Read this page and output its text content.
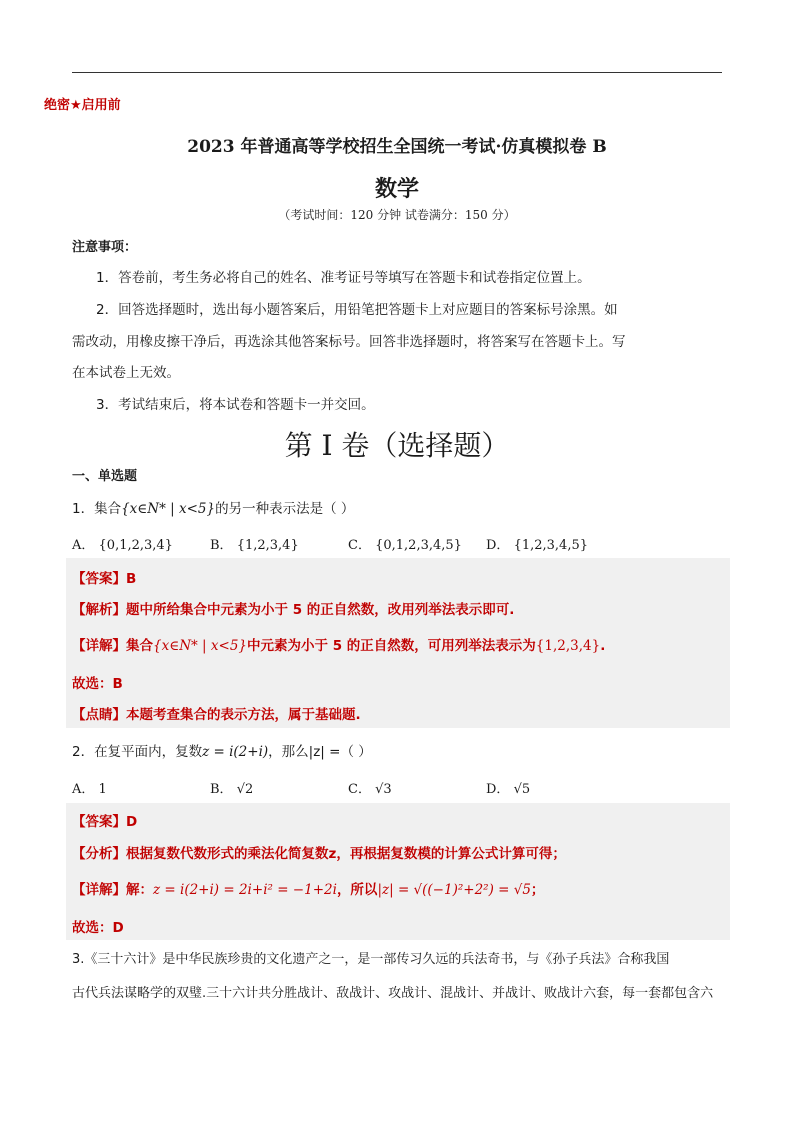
绝密★启用前
2023 年普通高等学校招生全国统一考试·仿真模拟卷 B
数学
（考试时间：120 分钟 试卷满分：150 分）
注意事项：
1．答卷前，考生务必将自己的姓名、准考证号等填写在答题卡和试卷指定位置上。
2．回答选择题时，选出每小题答案后，用铅笔把答题卡上对应题目的答案标号涂黑。如
需改动，用橡皮擦干净后，再选涂其他答案标号。回答非选择题时，将答案写在答题卡上。写
在本试卷上无效。
3．考试结束后，将本试卷和答题卡一并交回。
第 I 卷（选择题）
一、单选题
1．集合{x∈N* | x<5}的另一种表示法是（ ）
A． {0,1,2,3,4}	B． {1,2,3,4}	C． {0,1,2,3,4,5} D． {1,2,3,4,5}
【答案】B
【解析】题中所给集合中元素为小于 5 的正自然数，改用列举法表示即可.
【详解】集合{x∈N* | x<5}中元素为小于 5 的正自然数，可用列举法表示为{1,2,3,4}.
故选：B
【点睛】本题考查集合的表示方法，属于基础题.
2．在复平面内，复数z = i(2+i)，那么|z| =（ ）
A． 1	B． √2	C． √3	D． √5
【答案】D
【分析】根据复数代数形式的乘法化简复数z，再根据复数模的计算公式计算可得；
【详解】解：z = i(2+i) = 2i+i² = −1+2i，所以|z| = √((−1)²+2²) = √5；
故选：D
3.《三十六计》是中华民族珍贵的文化遗产之一，是一部传习久远的兵法奇书，与《孙子兵法》合称我国
古代兵法谋略学的双璧.三十六计共分胜战计、敌战计、攻战计、混战计、并战计、败战计六套，每一套都包含六
